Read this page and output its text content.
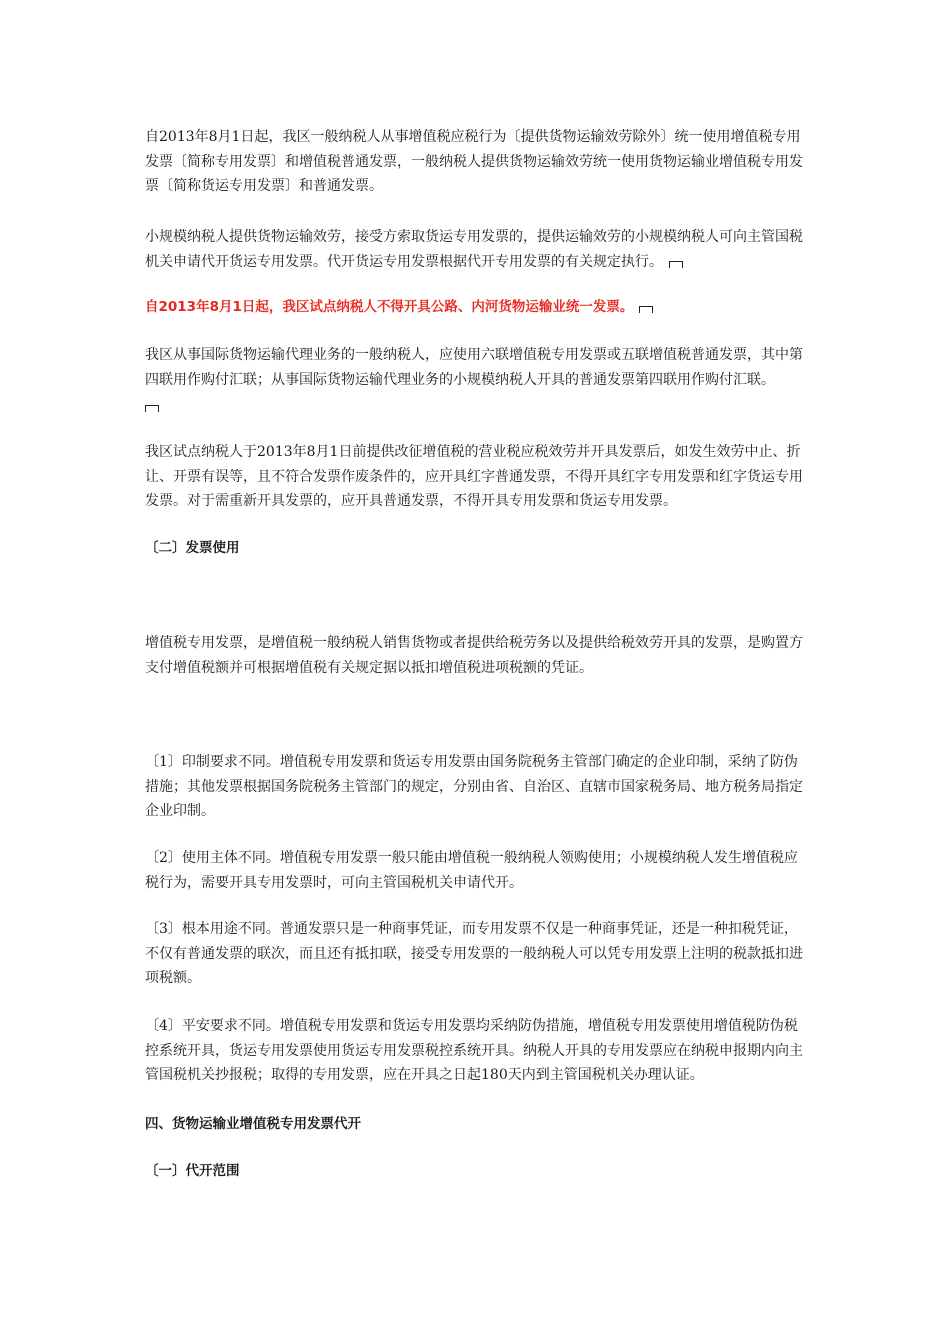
自2013年8月1日起，我区一般纳税人从事增值税应税行为〔提供货物运输效劳除外〕统一使用增值税专用发票〔简称专用发票〕和增值税普通发票，一般纳税人提供货物运输效劳统一使用货物运输业增值税专用发票〔简称货运专用发票〕和普通发票。

小规模纳税人提供货物运输效劳，接受方索取货运专用发票的，提供运输效劳的小规模纳税人可向主管国税机关申请代开货运专用发票。代开货运专用发票根据代开专用发票的有关规定执行。

自2013年8月1日起，我区试点纳税人不得开具公路、内河货物运输业统一发票。

我区从事国际货物运输代理业务的一般纳税人，应使用六联增值税专用发票或五联增值税普通发票，其中第四联用作购付汇联；从事国际货物运输代理业务的小规模纳税人开具的普通发票第四联用作购付汇联。

我区试点纳税人于2013年8月1日前提供改征增值税的营业税应税效劳并开具发票后，如发生效劳中止、折让、开票有误等，且不符合发票作废条件的，应开具红字普通发票，不得开具红字专用发票和红字货运专用发票。对于需重新开具发票的，应开具普通发票，不得开具专用发票和货运专用发票。

〔二〕发票使用

增值税专用发票，是增值税一般纳税人销售货物或者提供给税劳务以及提供给税效劳开具的发票，是购置方支付增值税额并可根据增值税有关规定据以抵扣增值税进项税额的凭证。

〔1〕印制要求不同。增值税专用发票和货运专用发票由国务院税务主管部门确定的企业印制，采纳了防伪措施；其他发票根据国务院税务主管部门的规定，分别由省、自治区、直辖市国家税务局、地方税务局指定企业印制。

〔2〕使用主体不同。增值税专用发票一般只能由增值税一般纳税人领购使用；小规模纳税人发生增值税应税行为，需要开具专用发票时，可向主管国税机关申请代开。

〔3〕根本用途不同。普通发票只是一种商事凭证，而专用发票不仅是一种商事凭证，还是一种扣税凭证，不仅有普通发票的联次，而且还有抵扣联，接受专用发票的一般纳税人可以凭专用发票上注明的税款抵扣进项税额。

〔4〕平安要求不同。增值税专用发票和货运专用发票均采纳防伪措施，增值税专用发票使用增值税防伪税控系统开具，货运专用发票使用货运专用发票税控系统开具。纳税人开具的专用发票应在纳税申报期内向主管国税机关抄报税；取得的专用发票，应在开具之日起180天内到主管国税机关办理认证。

四、货物运输业增值税专用发票代开

〔一〕代开范围
